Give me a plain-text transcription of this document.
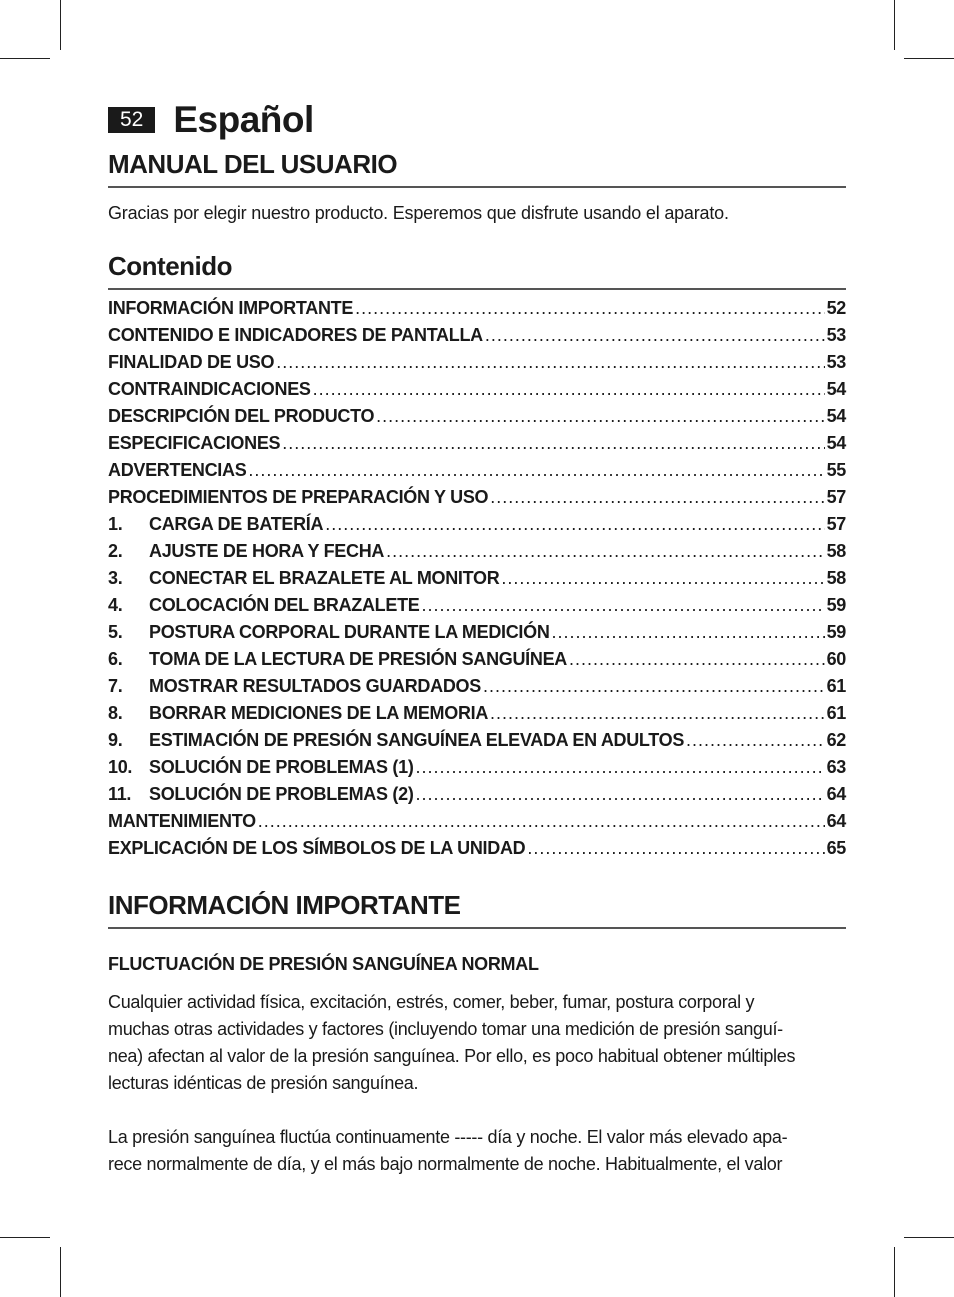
52 Español
MANUAL DEL USUARIO

Gracias por elegir nuestro producto. Esperemos que disfrute usando el aparato.

Contenido
INFORMACIÓN IMPORTANTE .....	52
CONTENIDO E INDICADORES DE PANTALLA .....	53
FINALIDAD DE USO .....	53
CONTRAINDICACIONES .....	54
DESCRIPCIÓN DEL PRODUCTO .....	54
ESPECIFICACIONES .....	54
ADVERTENCIAS .....	55
PROCEDIMIENTOS DE PREPARACIÓN Y USO .....	57
1.	CARGA DE BATERÍA .....	57
2.	AJUSTE DE HORA Y FECHA .....	58
3.	CONECTAR EL BRAZALETE AL MONITOR .....	58
4.	COLOCACIÓN DEL BRAZALETE .....	59
5.	POSTURA CORPORAL DURANTE LA MEDICIÓN .....	59
6.	TOMA DE LA LECTURA DE PRESIÓN SANGUÍNEA .....	60
7.	MOSTRAR RESULTADOS GUARDADOS .....	61
8.	BORRAR MEDICIONES DE LA MEMORIA .....	61
9.	ESTIMACIÓN DE PRESIÓN SANGUÍNEA ELEVADA EN ADULTOS .....	62
10. SOLUCIÓN DE PROBLEMAS (1) .....	63
11. SOLUCIÓN DE PROBLEMAS (2) .....	64
MANTENIMIENTO .....	64
EXPLICACIÓN DE LOS SÍMBOLOS DE LA UNIDAD .....	65
INFORMACIÓN IMPORTANTE
FLUCTUACIÓN DE PRESIÓN SANGUÍNEA NORMAL
Cualquier actividad física, excitación, estrés, comer, beber, fumar, postura corporal y
muchas otras actividades y factores (incluyendo tomar una medición de presión sanguí-
nea) afectan al valor de la presión sanguínea. Por ello, es poco habitual obtener múltiples
lecturas idénticas de presión sanguínea.
La presión sanguínea fluctúa continuamente ----- día y noche. El valor más elevado apa-
rece normalmente de día, y el más bajo normalmente de noche. Habitualmente, el valor
